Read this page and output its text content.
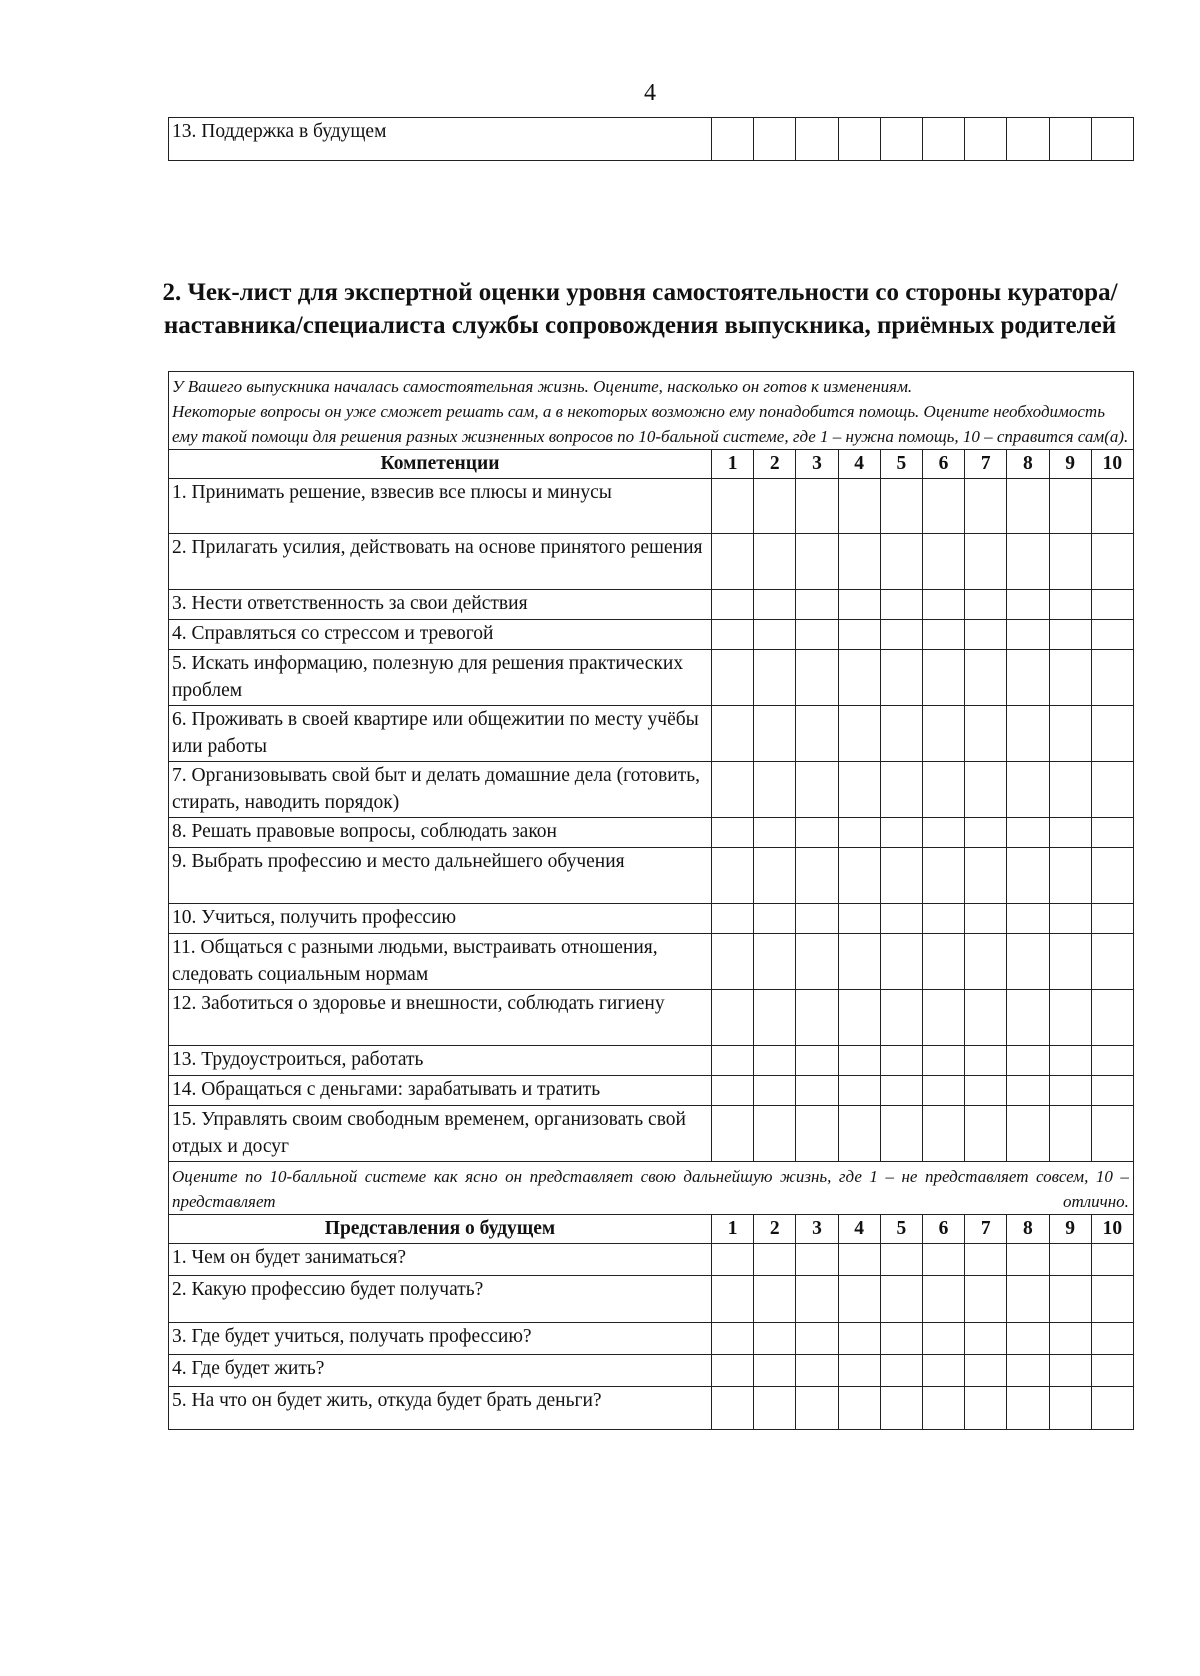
4
13. Поддержка в будущем										
2. Чек-лист для экспертной оценки уровня самостоятельности со стороны куратора/наставника/специалиста службы сопровождения выпускника, приёмных родителей
У Вашего выпускника началась самостоятельная жизнь. Оцените, насколько он готов к изменениям.
Некоторые вопросы он уже сможет решать сам, а в некоторых возможно ему понадобится помощь. Оцените необходимость ему такой помощи для решения разных жизненных вопросов по 10-бальной системе, где 1 – нужна помощь, 10 – справится сам(а).										
Компетенции	1	2	3	4	5	6	7	8	9	10
1. Принимать решение, взвесив все плюсы и минусы										
2. Прилагать усилия, действовать на основе принятого решения										
3. Нести ответственность за свои действия										
4. Справляться со стрессом и тревогой										
5. Искать информацию, полезную для решения практических проблем										
6. Проживать в своей квартире или общежитии по месту учёбы или работы										
7. Организовывать свой быт и делать домашние дела (готовить, стирать, наводить порядок)										
8. Решать правовые вопросы, соблюдать закон										
9. Выбрать профессию и место дальнейшего обучения										
10. Учиться, получить профессию										
11. Общаться с разными людьми, выстраивать отношения, следовать социальным нормам										
12. Заботиться о здоровье и внешности, соблюдать гигиену										
13. Трудоустроиться, работать										
14. Обращаться с деньгами: зарабатывать и тратить										
15. Управлять своим свободным временем, организовать свой отдых и досуг										
Оцените по 10-балльной системе как ясно он представляет свою дальнейшую жизнь, где 1 – не представляет совсем, 10 – представляет отлично.										
Представления о будущем	1	2	3	4	5	6	7	8	9	10
1. Чем он будет заниматься?										
2. Какую профессию будет получать?										
3. Где будет учиться, получать профессию?										
4. Где будет жить?										
5. На что он будет жить, откуда будет брать деньги?										
